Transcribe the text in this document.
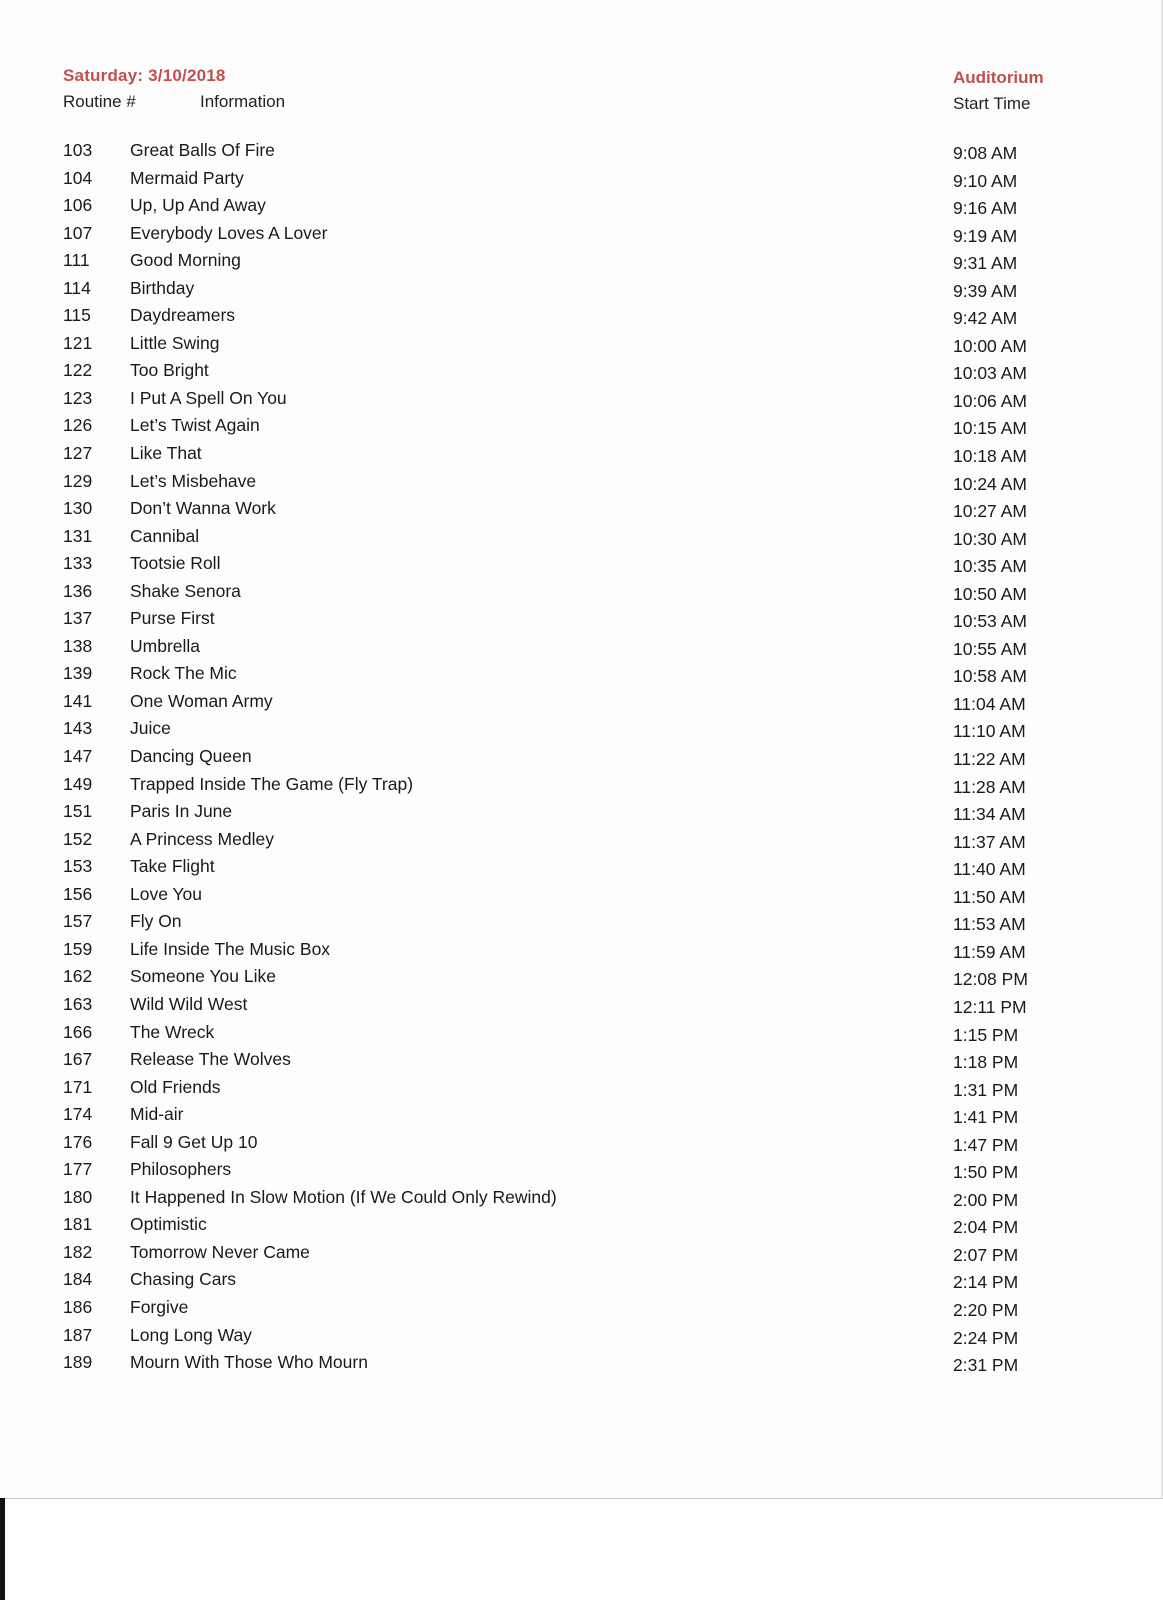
Saturday: 3/10/2018	Auditorium
Routine #	Information	Start Time
103	Great Balls Of Fire	9:08 AM
104	Mermaid Party	9:10 AM
106	Up, Up And Away	9:16 AM
107	Everybody Loves A Lover	9:19 AM
111	Good Morning	9:31 AM
114	Birthday	9:39 AM
115	Daydreamers	9:42 AM
121	Little Swing	10:00 AM
122	Too Bright	10:03 AM
123	I Put A Spell On You	10:06 AM
126	Let’s Twist Again	10:15 AM
127	Like That	10:18 AM
129	Let’s Misbehave	10:24 AM
130	Don’t Wanna Work	10:27 AM
131	Cannibal	10:30 AM
133	Tootsie Roll	10:35 AM
136	Shake Senora	10:50 AM
137	Purse First	10:53 AM
138	Umbrella	10:55 AM
139	Rock The Mic	10:58 AM
141	One Woman Army	11:04 AM
143	Juice	11:10 AM
147	Dancing Queen	11:22 AM
149	Trapped Inside The Game (Fly Trap)	11:28 AM
151	Paris In June	11:34 AM
152	A Princess Medley	11:37 AM
153	Take Flight	11:40 AM
156	Love You	11:50 AM
157	Fly On	11:53 AM
159	Life Inside The Music Box	11:59 AM
162	Someone You Like	12:08 PM
163	Wild Wild West	12:11 PM
166	The Wreck	1:15 PM
167	Release The Wolves	1:18 PM
171	Old Friends	1:31 PM
174	Mid-air	1:41 PM
176	Fall 9 Get Up 10	1:47 PM
177	Philosophers	1:50 PM
180	It Happened In Slow Motion (If We Could Only Rewind)	2:00 PM
181	Optimistic	2:04 PM
182	Tomorrow Never Came	2:07 PM
184	Chasing Cars	2:14 PM
186	Forgive	2:20 PM
187	Long Long Way	2:24 PM
189	Mourn With Those Who Mourn	2:31 PM
